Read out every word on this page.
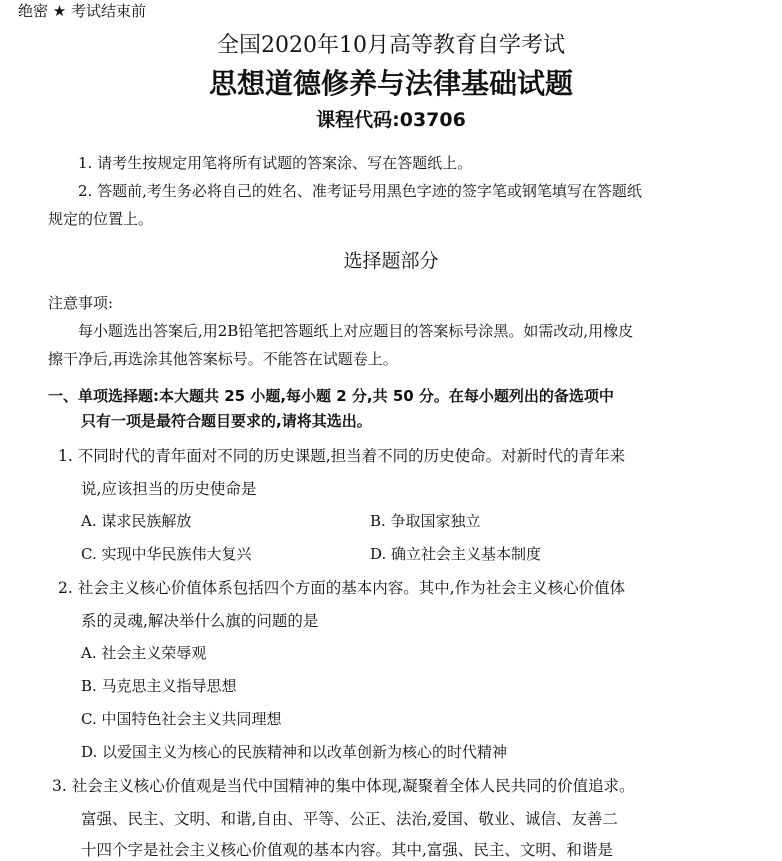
绝密 ★ 考试结束前
全国2020年10月高等教育自学考试
思想道德修养与法律基础试题
课程代码:03706
1. 请考生按规定用笔将所有试题的答案涂、写在答题纸上。
2. 答题前,考生务必将自己的姓名、准考证号用黑色字迹的签字笔或钢笔填写在答题纸
规定的位置上。
选择题部分
注意事项:
每小题选出答案后,用2B铅笔把答题纸上对应题目的答案标号涂黑。如需改动,用橡皮
擦干净后,再选涂其他答案标号。不能答在试题卷上。
一、单项选择题:本大题共 25 小题,每小题 2 分,共 50 分。在每小题列出的备选项中
只有一项是最符合题目要求的,请将其选出。
1. 不同时代的青年面对不同的历史课题,担当着不同的历史使命。对新时代的青年来
说,应该担当的历史使命是
A. 谋求民族解放	B. 争取国家独立
C. 实现中华民族伟大复兴	D. 确立社会主义基本制度
2. 社会主义核心价值体系包括四个方面的基本内容。其中,作为社会主义核心价值体
系的灵魂,解决举什么旗的问题的是
A. 社会主义荣辱观
B. 马克思主义指导思想
C. 中国特色社会主义共同理想
D. 以爱国主义为核心的民族精神和以改革创新为核心的时代精神
3. 社会主义核心价值观是当代中国精神的集中体现,凝聚着全体人民共同的价值追求。
富强、民主、文明、和谐,自由、平等、公正、法治,爱国、敬业、诚信、友善二
十四个字是社会主义核心价值观的基本内容。其中,富强、民主、文明、和谐是
